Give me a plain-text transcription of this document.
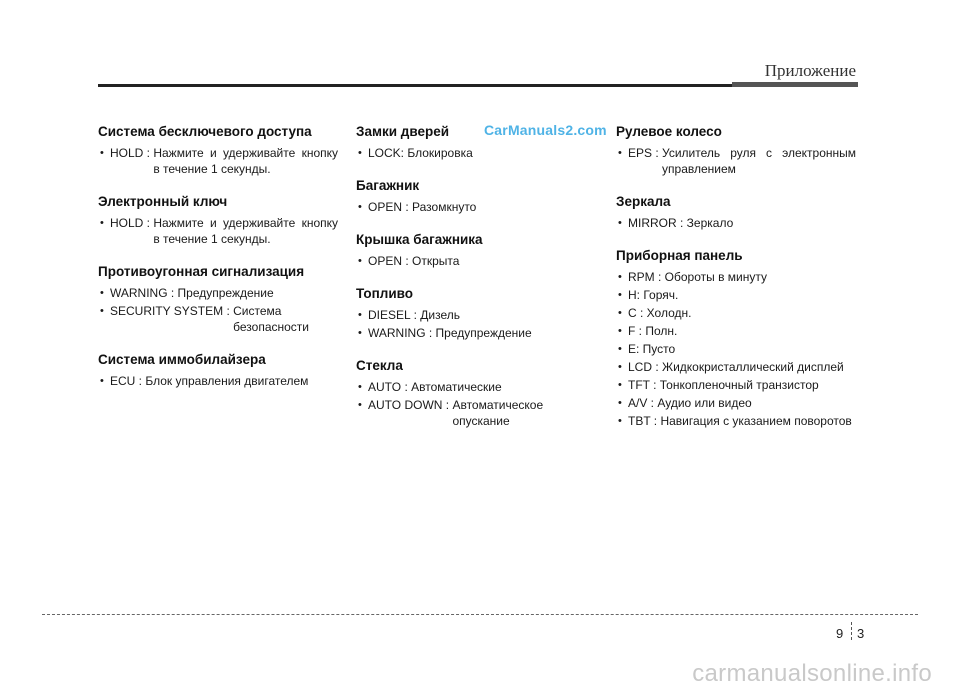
Приложение
CarManuals2.com
Система бесключевого доступа
• HOLD : Нажмите и удерживайте кнопку в течение 1 секунды.
Электронный ключ
• HOLD : Нажмите и удерживайте кнопку в течение 1 секунды.
Противоугонная сигнализация
• WARNING : Предупреждение
• SECURITY SYSTEM : Система безопасности
Система иммобилайзера
• ECU : Блок управления двигателем
Замки дверей
• LOCK: Блокировка
Багажник
• OPEN : Разомкнуто
Крышка багажника
• OPEN : Открыта
Топливо
• DIESEL : Дизель
• WARNING : Предупреждение
Стекла
• AUTO : Автоматические
• AUTO DOWN : Автоматическое опускание
Рулевое колесо
• EPS : Усилитель руля с электронным управлением
Зеркала
• MIRROR : Зеркало
Приборная панель
• RPM : Обороты в минуту
• H: Горяч.
• C : Холодн.
• F : Полн.
• E: Пусто
• LCD : Жидкокристаллический дисплей
• TFT : Тонкопленочный транзистор
• A/V : Аудио или видео
• TBT : Навигация с указанием поворотов
9 3
carmanualsonline.info
